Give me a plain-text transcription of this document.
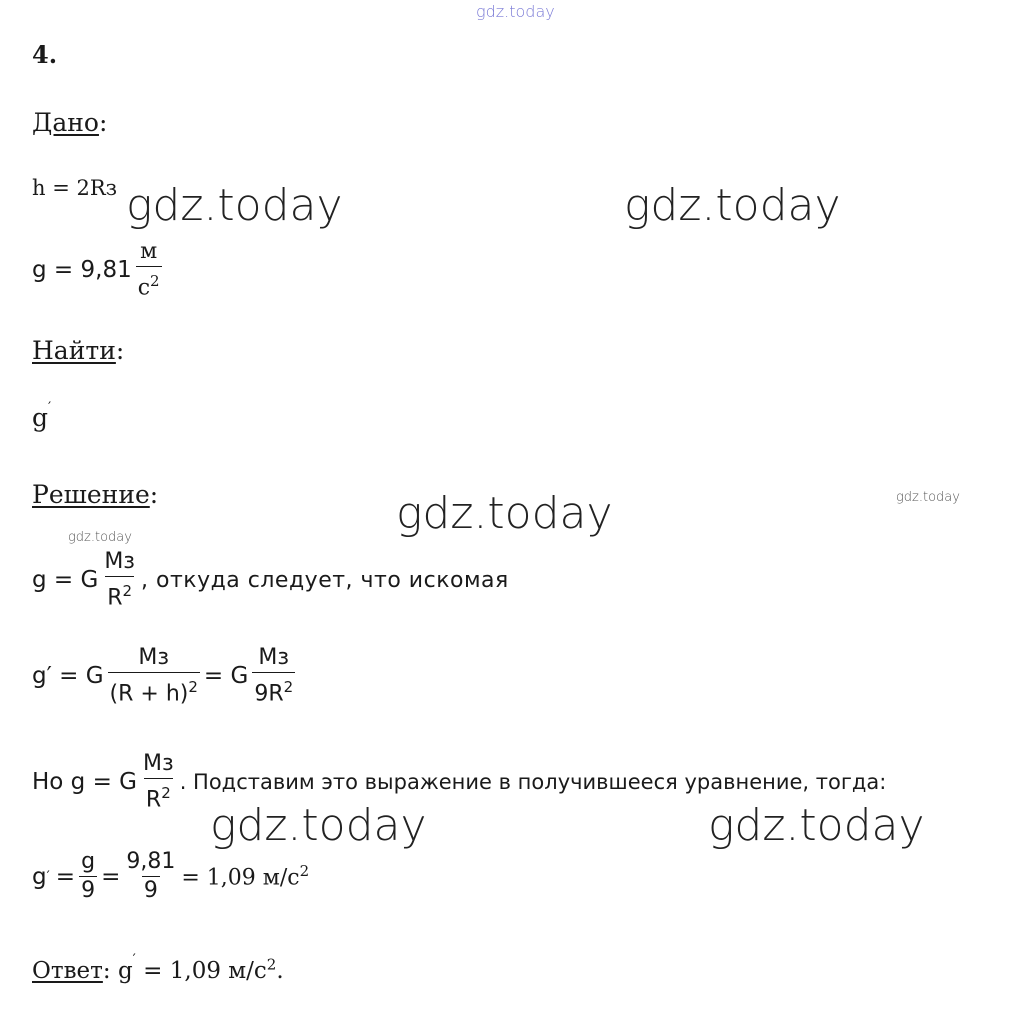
gdz.today
gdz.today	gdz.today
gdz.today
gdz.today	gdz.today
gdz.today
gdz.today
4.
Дано:
h = 2Rз
$g = 9,81 \frac{м}{с^2}$
Найти:
g′
Решение:
g = G $\frac{Mз}{R^2}$ , откуда следует, что искомая
g′ = G $\frac{Mз}{(R + h)^2} = G \frac{Mз}{9R^2}$
Но g = G $\frac{Mз}{R^2}$ . Подставим это выражение в получившееся уравнение, тогда:
g ′ = $\frac{g}{9} = \frac{9,81}{9} = 1,09$ $м/с^2$
Ответ: g′ = 1,09 $м/с^2$.
